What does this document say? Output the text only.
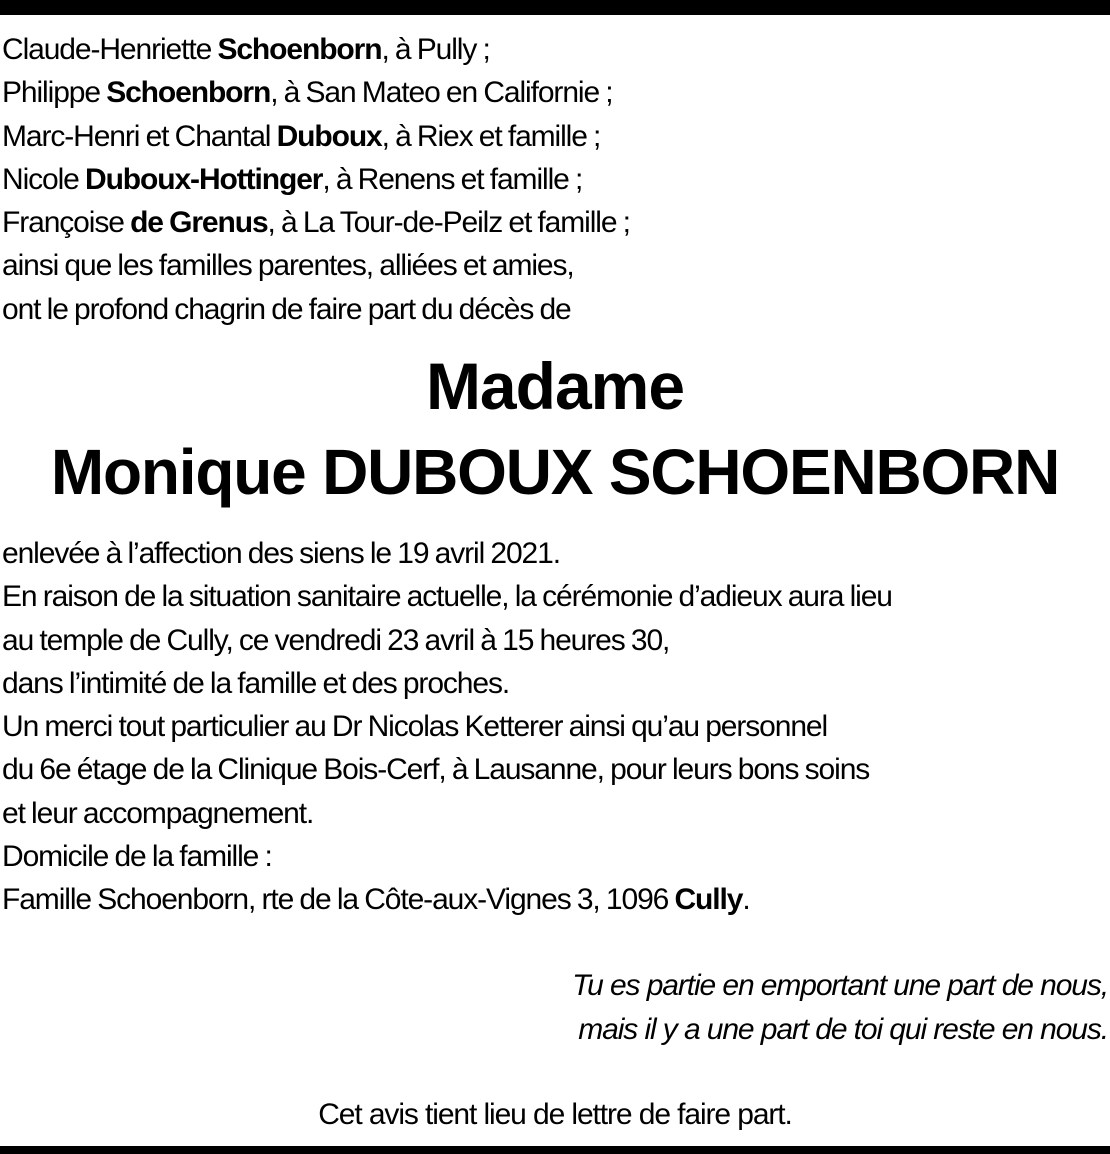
Claude-Henriette Schoenborn, à Pully ;
Philippe Schoenborn, à San Mateo en Californie ;
Marc-Henri et Chantal Duboux, à Riex et famille ;
Nicole Duboux-Hottinger, à Renens et famille ;
Françoise de Grenus, à La Tour-de-Peilz et famille ;
ainsi que les familles parentes, alliées et amies,
ont le profond chagrin de faire part du décès de
Madame
Monique DUBOUX SCHOENBORN
enlevée à l’affection des siens le 19 avril 2021.
En raison de la situation sanitaire actuelle, la cérémonie d’adieux aura lieu
au temple de Cully, ce vendredi 23 avril à 15 heures 30,
dans l’intimité de la famille et des proches.
Un merci tout particulier au Dr Nicolas Ketterer ainsi qu’au personnel
du 6e étage de la Clinique Bois-Cerf, à Lausanne, pour leurs bons soins
et leur accompagnement.
Domicile de la famille :
Famille Schoenborn, rte de la Côte-aux-Vignes 3, 1096 Cully.
Tu es partie en emportant une part de nous,
mais il y a une part de toi qui reste en nous.
Cet avis tient lieu de lettre de faire part.
